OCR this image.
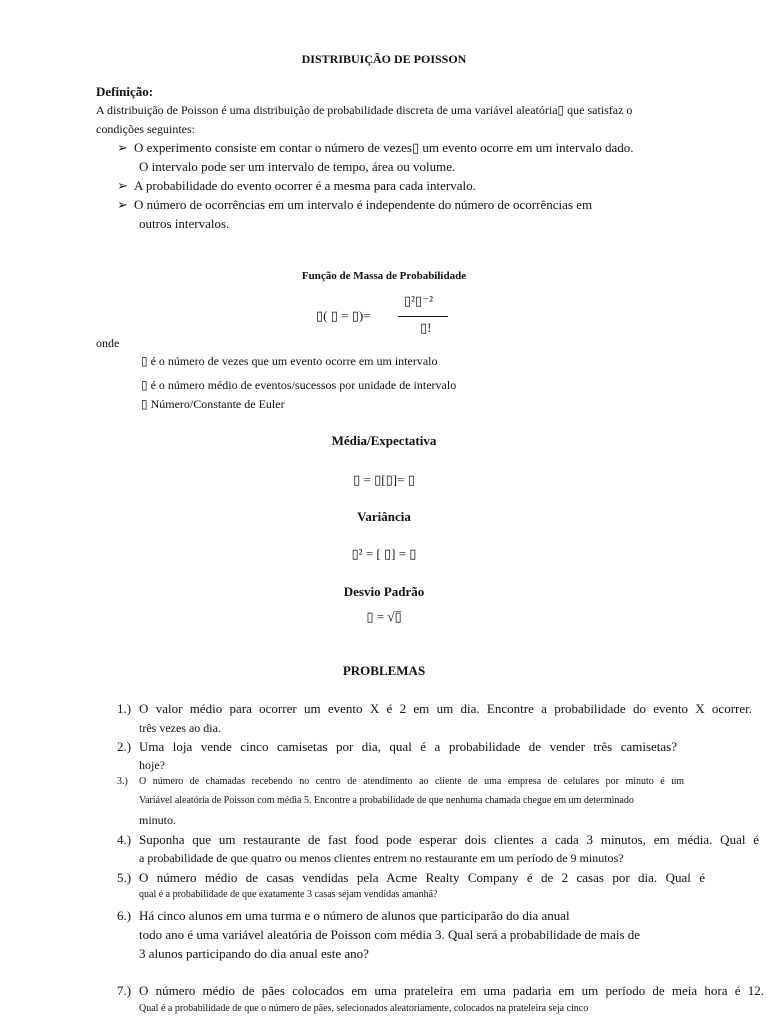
DISTRIBUIÇÃO DE POISSON
Definição:
A distribuição de Poisson é uma distribuição de probabilidade discreta de uma variável aleatória▯ que satisfaz o
condições seguintes:
➢ O experimento consiste em contar o número de vezes▯ um evento ocorre em um intervalo dado.
O intervalo pode ser um intervalo de tempo, área ou volume.
➢ A probabilidade do evento ocorrer é a mesma para cada intervalo.
➢ O número de ocorrências em um intervalo é independente do número de ocorrências em
outros intervalos.
Função de Massa de Probabilidade
▯( ▯ = ▯)=
▯²▯⁻²
▯!
onde
▯ é o número de vezes que um evento ocorre em um intervalo
▯ é o número médio de eventos/sucessos por unidade de intervalo
▯ Número/Constante de Euler
Média/Expectativa
▯ = ▯[▯]= ▯
Variância
▯² = [ ▯] = ▯
Desvio Padrão
▯ = √▯̅
PROBLEMAS
1.) O valor médio para ocorrer um evento X é 2 em um dia. Encontre a probabilidade do evento X ocorrer.
três vezes ao dia.
2.) Uma loja vende cinco camisetas por dia, qual é a probabilidade de vender três camisetas?
hoje?
3.) O número de chamadas recebendo no centro de atendimento ao cliente de uma empresa de celulares por minuto é um
Variável aleatória de Poisson com média 5. Encontre a probabilidade de que nenhuma chamada chegue em um determinado
minuto.
4.) Suponha que um restaurante de fast food pode esperar dois clientes a cada 3 minutos, em média. Qual é
a probabilidade de que quatro ou menos clientes entrem no restaurante em um período de 9 minutos?
5.) O número médio de casas vendidas pela Acme Realty Company é de 2 casas por dia. Qual é
qual é a probabilidade de que exatamente 3 casas sejam vendidas amanhã?
6.) Há cinco alunos em uma turma e o número de alunos que participarão do dia anual
todo ano é uma variável aleatória de Poisson com média 3. Qual será a probabilidade de mais de
3 alunos participando do dia anual este ano?
7.) O número médio de pães colocados em uma prateleira em uma padaria em um período de meia hora é 12.
Qual é a probabilidade de que o número de pães, selecionados aleatoriamente, colocados na prateleira seja cinco
